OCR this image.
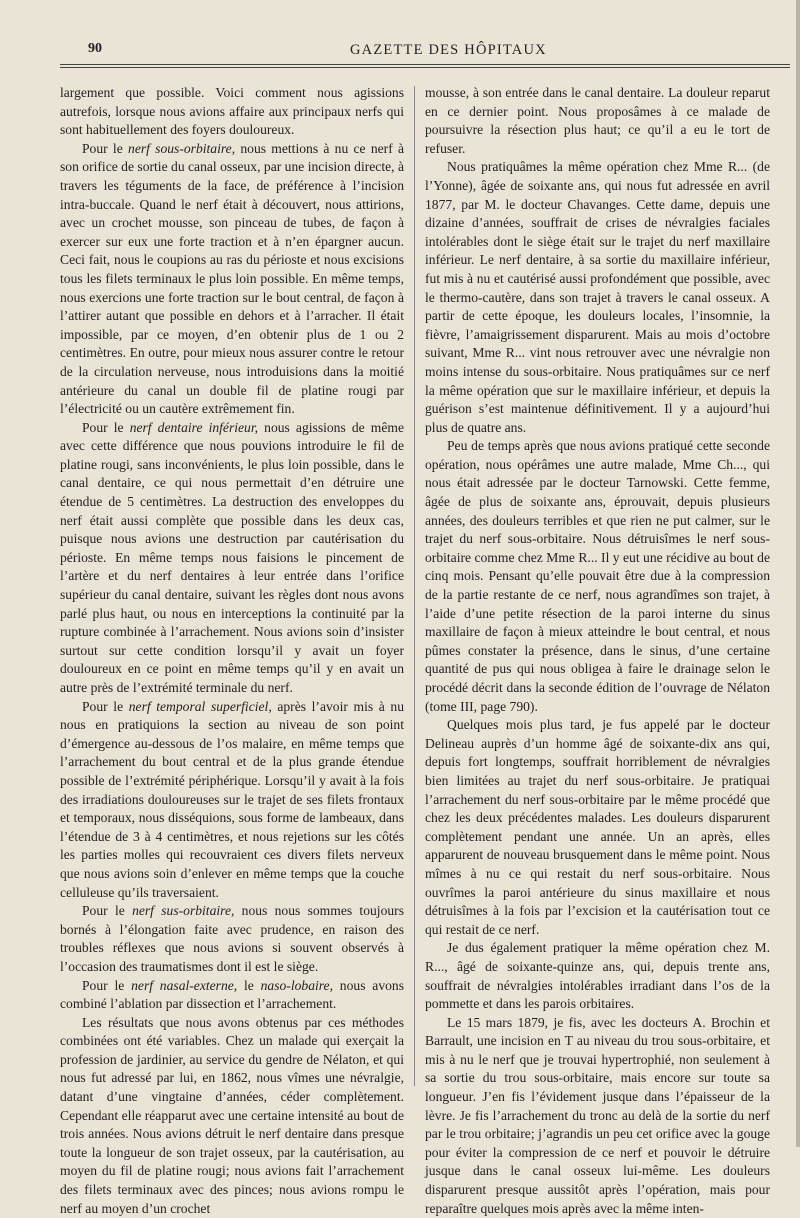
90	GAZETTE DES HÔPITAUX

largement que possible. Voici comment nous agissions autrefois, lorsque nous avions affaire aux principaux nerfs qui sont habituellement des foyers douloureux.

Pour le nerf sous-orbitaire, nous mettions à nu ce nerf à son orifice de sortie du canal osseux, par une incision directe, à travers les téguments de la face, de préférence à l’incision intra-buccale. Quand le nerf était à découvert, nous attirions, avec un crochet mousse, son pinceau de tubes, de façon à exercer sur eux une forte traction et à n’en épargner aucun. Ceci fait, nous le coupions au ras du périoste et nous excisions tous les filets terminaux le plus loin possible. En même temps, nous exercions une forte traction sur le bout central, de façon à l’attirer autant que possible en dehors et à l’arracher. Il était impossible, par ce moyen, d’en obtenir plus de 1 ou 2 centimètres. En outre, pour mieux nous assurer contre le retour de la circulation nerveuse, nous introduisions dans la moitié antérieure du canal un double fil de platine rougi par l’électricité ou un cautère extrêmement fin.

Pour le nerf dentaire inférieur, nous agissions de même avec cette différence que nous pouvions introduire le fil de platine rougi, sans inconvénients, le plus loin possible, dans le canal dentaire, ce qui nous permettait d’en détruire une étendue de 5 centimètres. La destruction des enveloppes du nerf était aussi complète que possible dans les deux cas, puisque nous avions une destruction par cautérisation du périoste. En même temps nous faisions le pincement de l’artère et du nerf dentaires à leur entrée dans l’orifice supérieur du canal dentaire, suivant les règles dont nous avons parlé plus haut, ou nous en interceptions la continuité par la rupture combinée à l’arrachement. Nous avions soin d’insister surtout sur cette condition lorsqu’il y avait un foyer douloureux en ce point en même temps qu’il y en avait un autre près de l’extrémité terminale du nerf.

Pour le nerf temporal superficiel, après l’avoir mis à nu nous en pratiquions la section au niveau de son point d’émergence au-dessous de l’os malaire, en même temps que l’arrachement du bout central et de la plus grande étendue possible de l’extrémité périphérique. Lorsqu’il y avait à la fois des irradiations douloureuses sur le trajet de ses filets frontaux et temporaux, nous disséquions, sous forme de lambeaux, dans l’étendue de 3 à 4 centimètres, et nous rejetions sur les côtés les parties molles qui recouvraient ces divers filets nerveux que nous avions soin d’enlever en même temps que la couche celluleuse qu’ils traversaient.

Pour le nerf sus-orbitaire, nous nous sommes toujours bornés à l’élongation faite avec prudence, en raison des troubles réflexes que nous avions si souvent observés à l’occasion des traumatismes dont il est le siège.

Pour le nerf nasal-externe, le naso-lobaire, nous avons combiné l’ablation par dissection et l’arrachement.

Les résultats que nous avons obtenus par ces méthodes combinées ont été variables. Chez un malade qui exerçait la profession de jardinier, au service du gendre de Nélaton, et qui nous fut adressé par lui, en 1862, nous vîmes une névralgie, datant d’une vingtaine d’années, céder complètement. Cependant elle réapparut avec une certaine intensité au bout de trois années. Nous avions détruit le nerf dentaire dans presque toute la longueur de son trajet osseux, par la cautérisation, au moyen du fil de platine rougi; nous avions fait l’arrachement des filets terminaux avec des pinces; nous avions rompu le nerf au moyen d’un crochet

mousse, à son entrée dans le canal dentaire. La douleur reparut en ce dernier point. Nous proposâmes à ce malade de poursuivre la résection plus haut; ce qu’il a eu le tort de refuser.

Nous pratiquâmes la même opération chez Mme R... (de l’Yonne), âgée de soixante ans, qui nous fut adressée en avril 1877, par M. le docteur Chavanges. Cette dame, depuis une dizaine d’années, souffrait de crises de névralgies faciales intolérables dont le siège était sur le trajet du nerf maxillaire inférieur. Le nerf dentaire, à sa sortie du maxillaire inférieur, fut mis à nu et cautérisé aussi profondément que possible, avec le thermo-cautère, dans son trajet à travers le canal osseux. A partir de cette époque, les douleurs locales, l’insomnie, la fièvre, l’amaigrissement disparurent. Mais au mois d’octobre suivant, Mme R... vint nous retrouver avec une névralgie non moins intense du sous-orbitaire. Nous pratiquâmes sur ce nerf la même opération que sur le maxillaire inférieur, et depuis la guérison s’est maintenue définitivement. Il y a aujourd’hui plus de quatre ans.

Peu de temps après que nous avions pratiqué cette seconde opération, nous opérâmes une autre malade, Mme Ch..., qui nous était adressée par le docteur Tarnowski. Cette femme, âgée de plus de soixante ans, éprouvait, depuis plusieurs années, des douleurs terribles et que rien ne put calmer, sur le trajet du nerf sous-orbitaire. Nous détruisîmes le nerf sous-orbitaire comme chez Mme R... Il y eut une récidive au bout de cinq mois. Pensant qu’elle pouvait être due à la compression de la partie restante de ce nerf, nous agrandîmes son trajet, à l’aide d’une petite résection de la paroi interne du sinus maxillaire de façon à mieux atteindre le bout central, et nous pûmes constater la présence, dans le sinus, d’une certaine quantité de pus qui nous obligea à faire le drainage selon le procédé décrit dans la seconde édition de l’ouvrage de Nélaton (tome III, page 790).

Quelques mois plus tard, je fus appelé par le docteur Delineau auprès d’un homme âgé de soixante-dix ans qui, depuis fort longtemps, souffrait horriblement de névralgies bien limitées au trajet du nerf sous-orbitaire. Je pratiquai l’arrachement du nerf sous-orbitaire par le même procédé que chez les deux précédentes malades. Les douleurs disparurent complètement pendant une année. Un an après, elles apparurent de nouveau brusquement dans le même point. Nous mîmes à nu ce qui restait du nerf sous-orbitaire. Nous ouvrîmes la paroi antérieure du sinus maxillaire et nous détruisîmes à la fois par l’excision et la cautérisation tout ce qui restait de ce nerf.

Je dus également pratiquer la même opération chez M. R..., âgé de soixante-quinze ans, qui, depuis trente ans, souffrait de névralgies intolérables irradiant dans l’os de la pommette et dans les parois orbitaires.

Le 15 mars 1879, je fis, avec les docteurs A. Brochin et Barrault, une incision en T au niveau du trou sous-orbitaire, et mis à nu le nerf que je trouvai hypertrophié, non seulement à sa sortie du trou sous-orbitaire, mais encore sur toute sa longueur. J’en fis l’évidement jusque dans l’épaisseur de la lèvre. Je fis l’arrachement du tronc au delà de la sortie du nerf par le trou orbitaire; j’agrandis un peu cet orifice avec la gouge pour éviter la compression de ce nerf et pouvoir le détruire jusque dans le canal osseux lui-même. Les douleurs disparurent presque aussitôt après l’opération, mais pour reparaître quelques mois après avec la même inten-
